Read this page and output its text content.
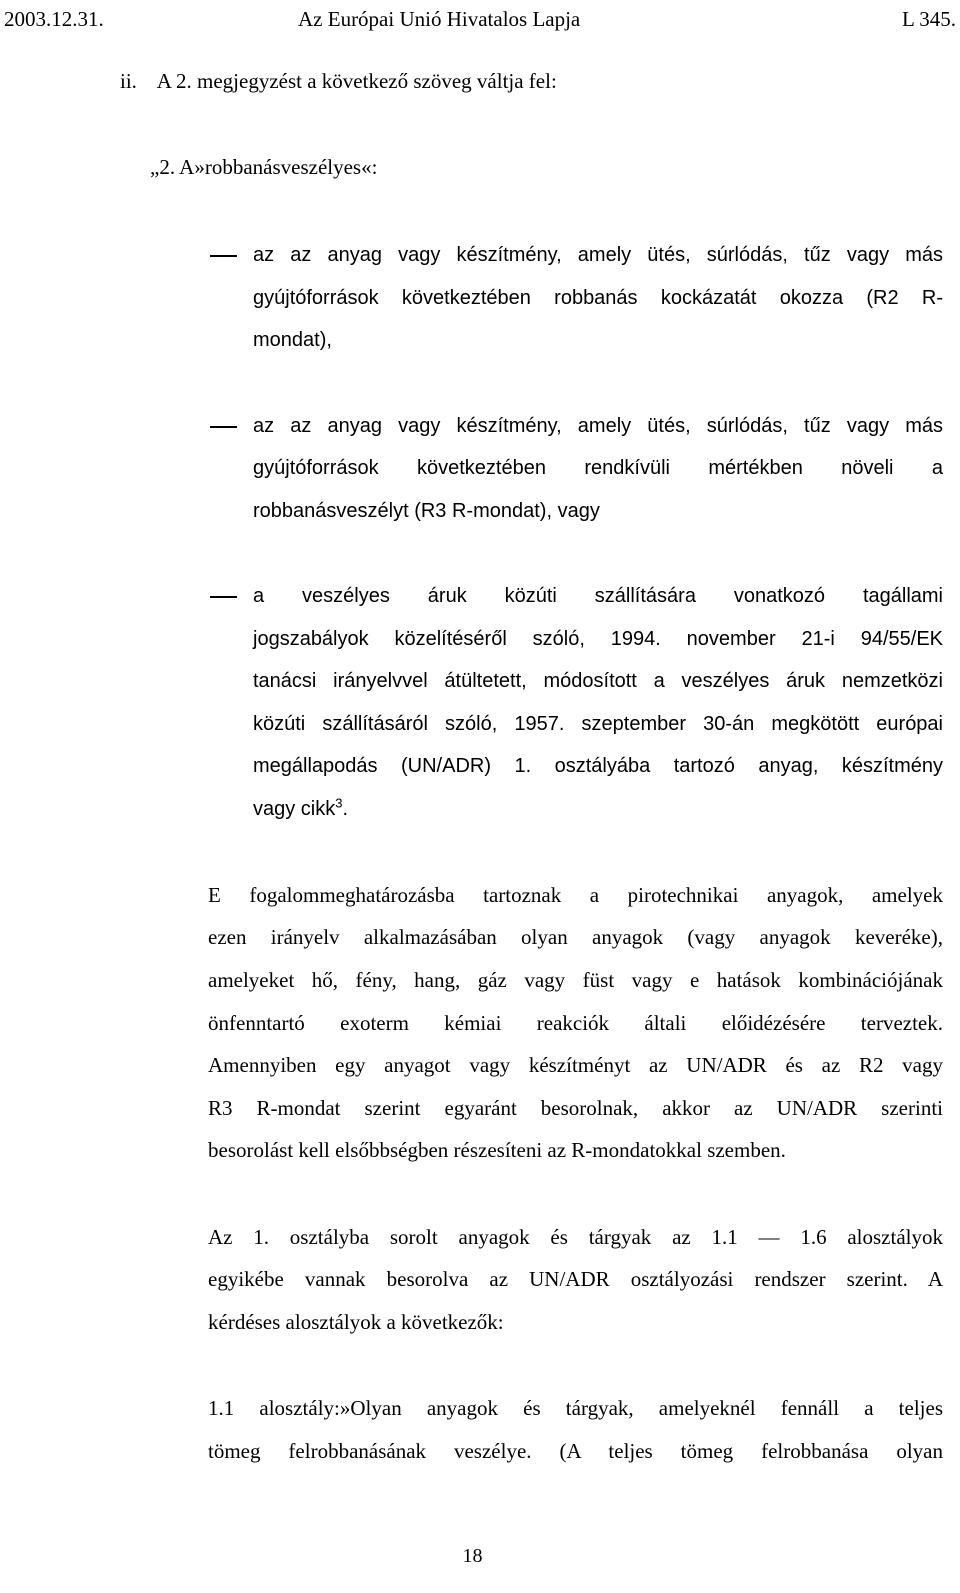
2003.12.31.	Az Európai Unió Hivatalos Lapja	L 345.
ii.    A 2. megjegyzést a következő szöveg váltja fel:
„2. A»robbanásveszélyes«:
az az anyag vagy készítmény, amely ütés, súrlódás, tűz vagy más
gyújtóforrások következtében robbanás kockázatát okozza (R2 R-
mondat),
az az anyag vagy készítmény, amely ütés, súrlódás, tűz vagy más
gyújtóforrások következtében rendkívüli mértékben növeli a
robbanásveszélyt (R3 R-mondat), vagy
a veszélyes áruk közúti szállítására vonatkozó tagállami
jogszabályok közelítéséről szóló, 1994. november 21-i 94/55/EK
tanácsi irányelvvel átültetett, módosított a veszélyes áruk nemzetközi
közúti szállításáról szóló, 1957. szeptember 30-án megkötött európai
megállapodás (UN/ADR) 1. osztályába tartozó anyag, készítmény
vagy cikk$^3$.
E fogalommeghatározásba tartoznak a pirotechnikai anyagok, amelyek
ezen irányelv alkalmazásában olyan anyagok (vagy anyagok keveréke),
amelyeket hő, fény, hang, gáz vagy füst vagy e hatások kombinációjának
önfenntartó exoterm kémiai reakciók általi előidézésére terveztek.
Amennyiben egy anyagot vagy készítményt az UN/ADR és az R2 vagy
R3 R-mondat szerint egyaránt besorolnak, akkor az UN/ADR szerinti
besorolást kell elsőbbségben részesíteni az R-mondatokkal szemben.
Az 1. osztályba sorolt anyagok és tárgyak az 1.1 — 1.6 alosztályok
egyikébe vannak besorolva az UN/ADR osztályozási rendszer szerint. A
kérdéses alosztályok a következők:
1.1 alosztály:»Olyan anyagok és tárgyak, amelyeknél fennáll a teljes
tömeg felrobbanásának veszélye. (A teljes tömeg felrobbanása olyan
18
